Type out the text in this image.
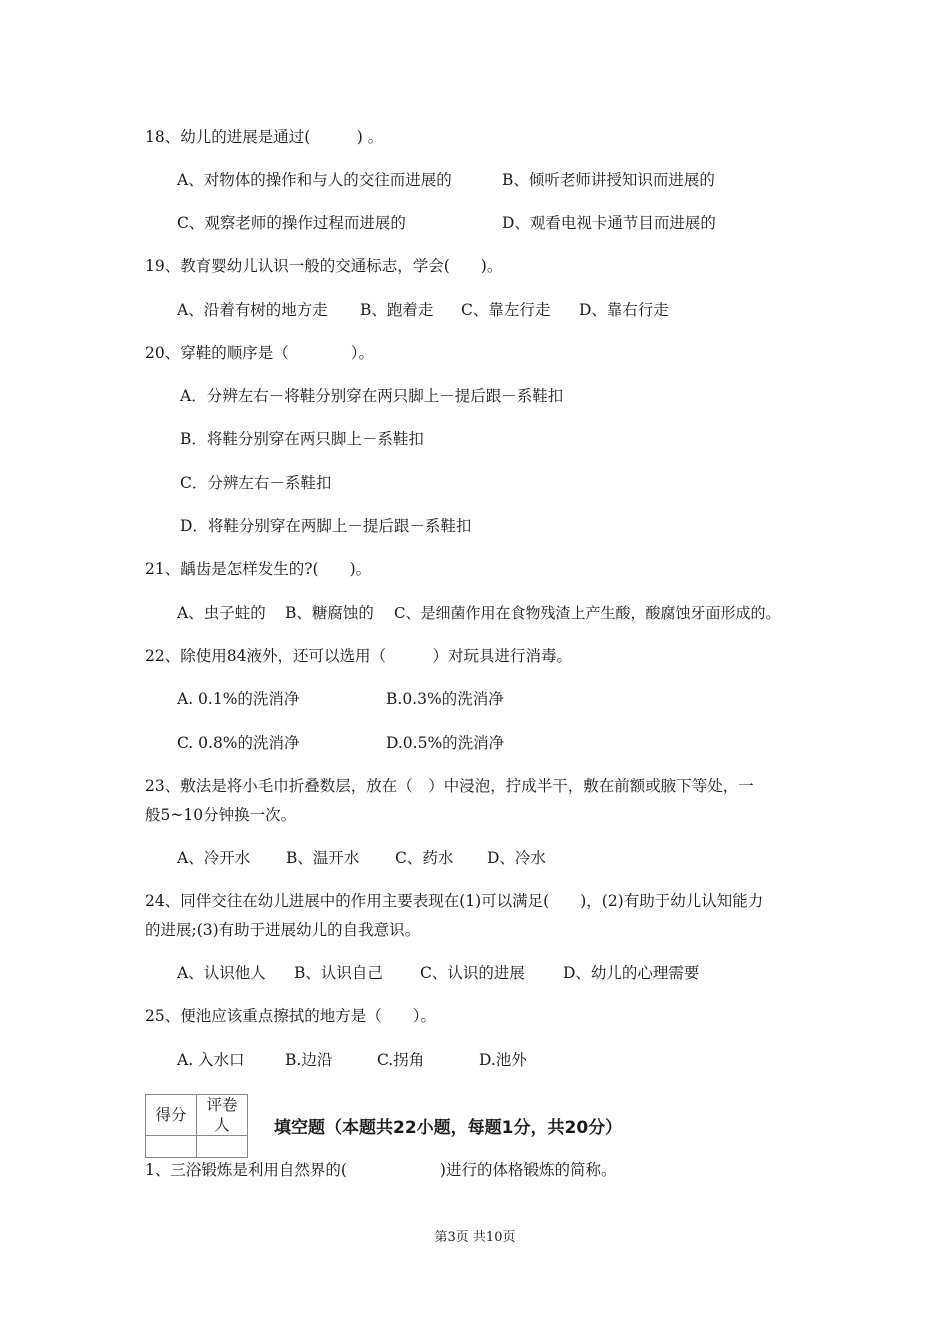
18、幼儿的进展是通过(　　　) 。
A、对物体的操作和与人的交往而进展的	B、倾听老师讲授知识而进展的
C、观察老师的操作过程而进展的	D、观看电视卡通节目而进展的
19、教育婴幼儿认识一般的交通标志，学会(　　)。
A、沿着有树的地方走 B、跑着走 C、靠左行走 D、靠右行走
20、穿鞋的顺序是（　　　　）。
A．分辨左右－将鞋分别穿在两只脚上－提后跟－系鞋扣
B．将鞋分别穿在两只脚上－系鞋扣
C．分辨左右－系鞋扣
D．将鞋分别穿在两脚上－提后跟－系鞋扣
21、龋齿是怎样发生的?(　　)。
A、虫子蛀的 B、糖腐蚀的 C、是细菌作用在食物残渣上产生酸，酸腐蚀牙面形成的。
22、除使用84液外，还可以选用（　　　）对玩具进行消毒。
A. 0.1%的洗消净	B.0.3%的洗消净
C. 0.8%的洗消净	D.0.5%的洗消净
23、敷法是将小毛巾折叠数层，放在（　）中浸泡，拧成半干，敷在前额或腋下等处，一
般5~10分钟换一次。
A、冷开水 B、温开水 C、药水 D、冷水
24、同伴交往在幼儿进展中的作用主要表现在(1)可以满足(　　)，(2)有助于幼儿认知能力
的进展;(3)有助于进展幼儿的自我意识。
A、认识他人 B、认识自己 C、认识的进展 D、幼儿的心理需要
25、便池应该重点擦拭的地方是（　　）。
A. 入水口	B.边沿	C.拐角	D.池外
得分	评卷人
		填空题（本题共22小题，每题1分，共20分）
1、三浴锻炼是利用自然界的(　　　　　　)进行的体格锻炼的简称。
第3页 共10页
